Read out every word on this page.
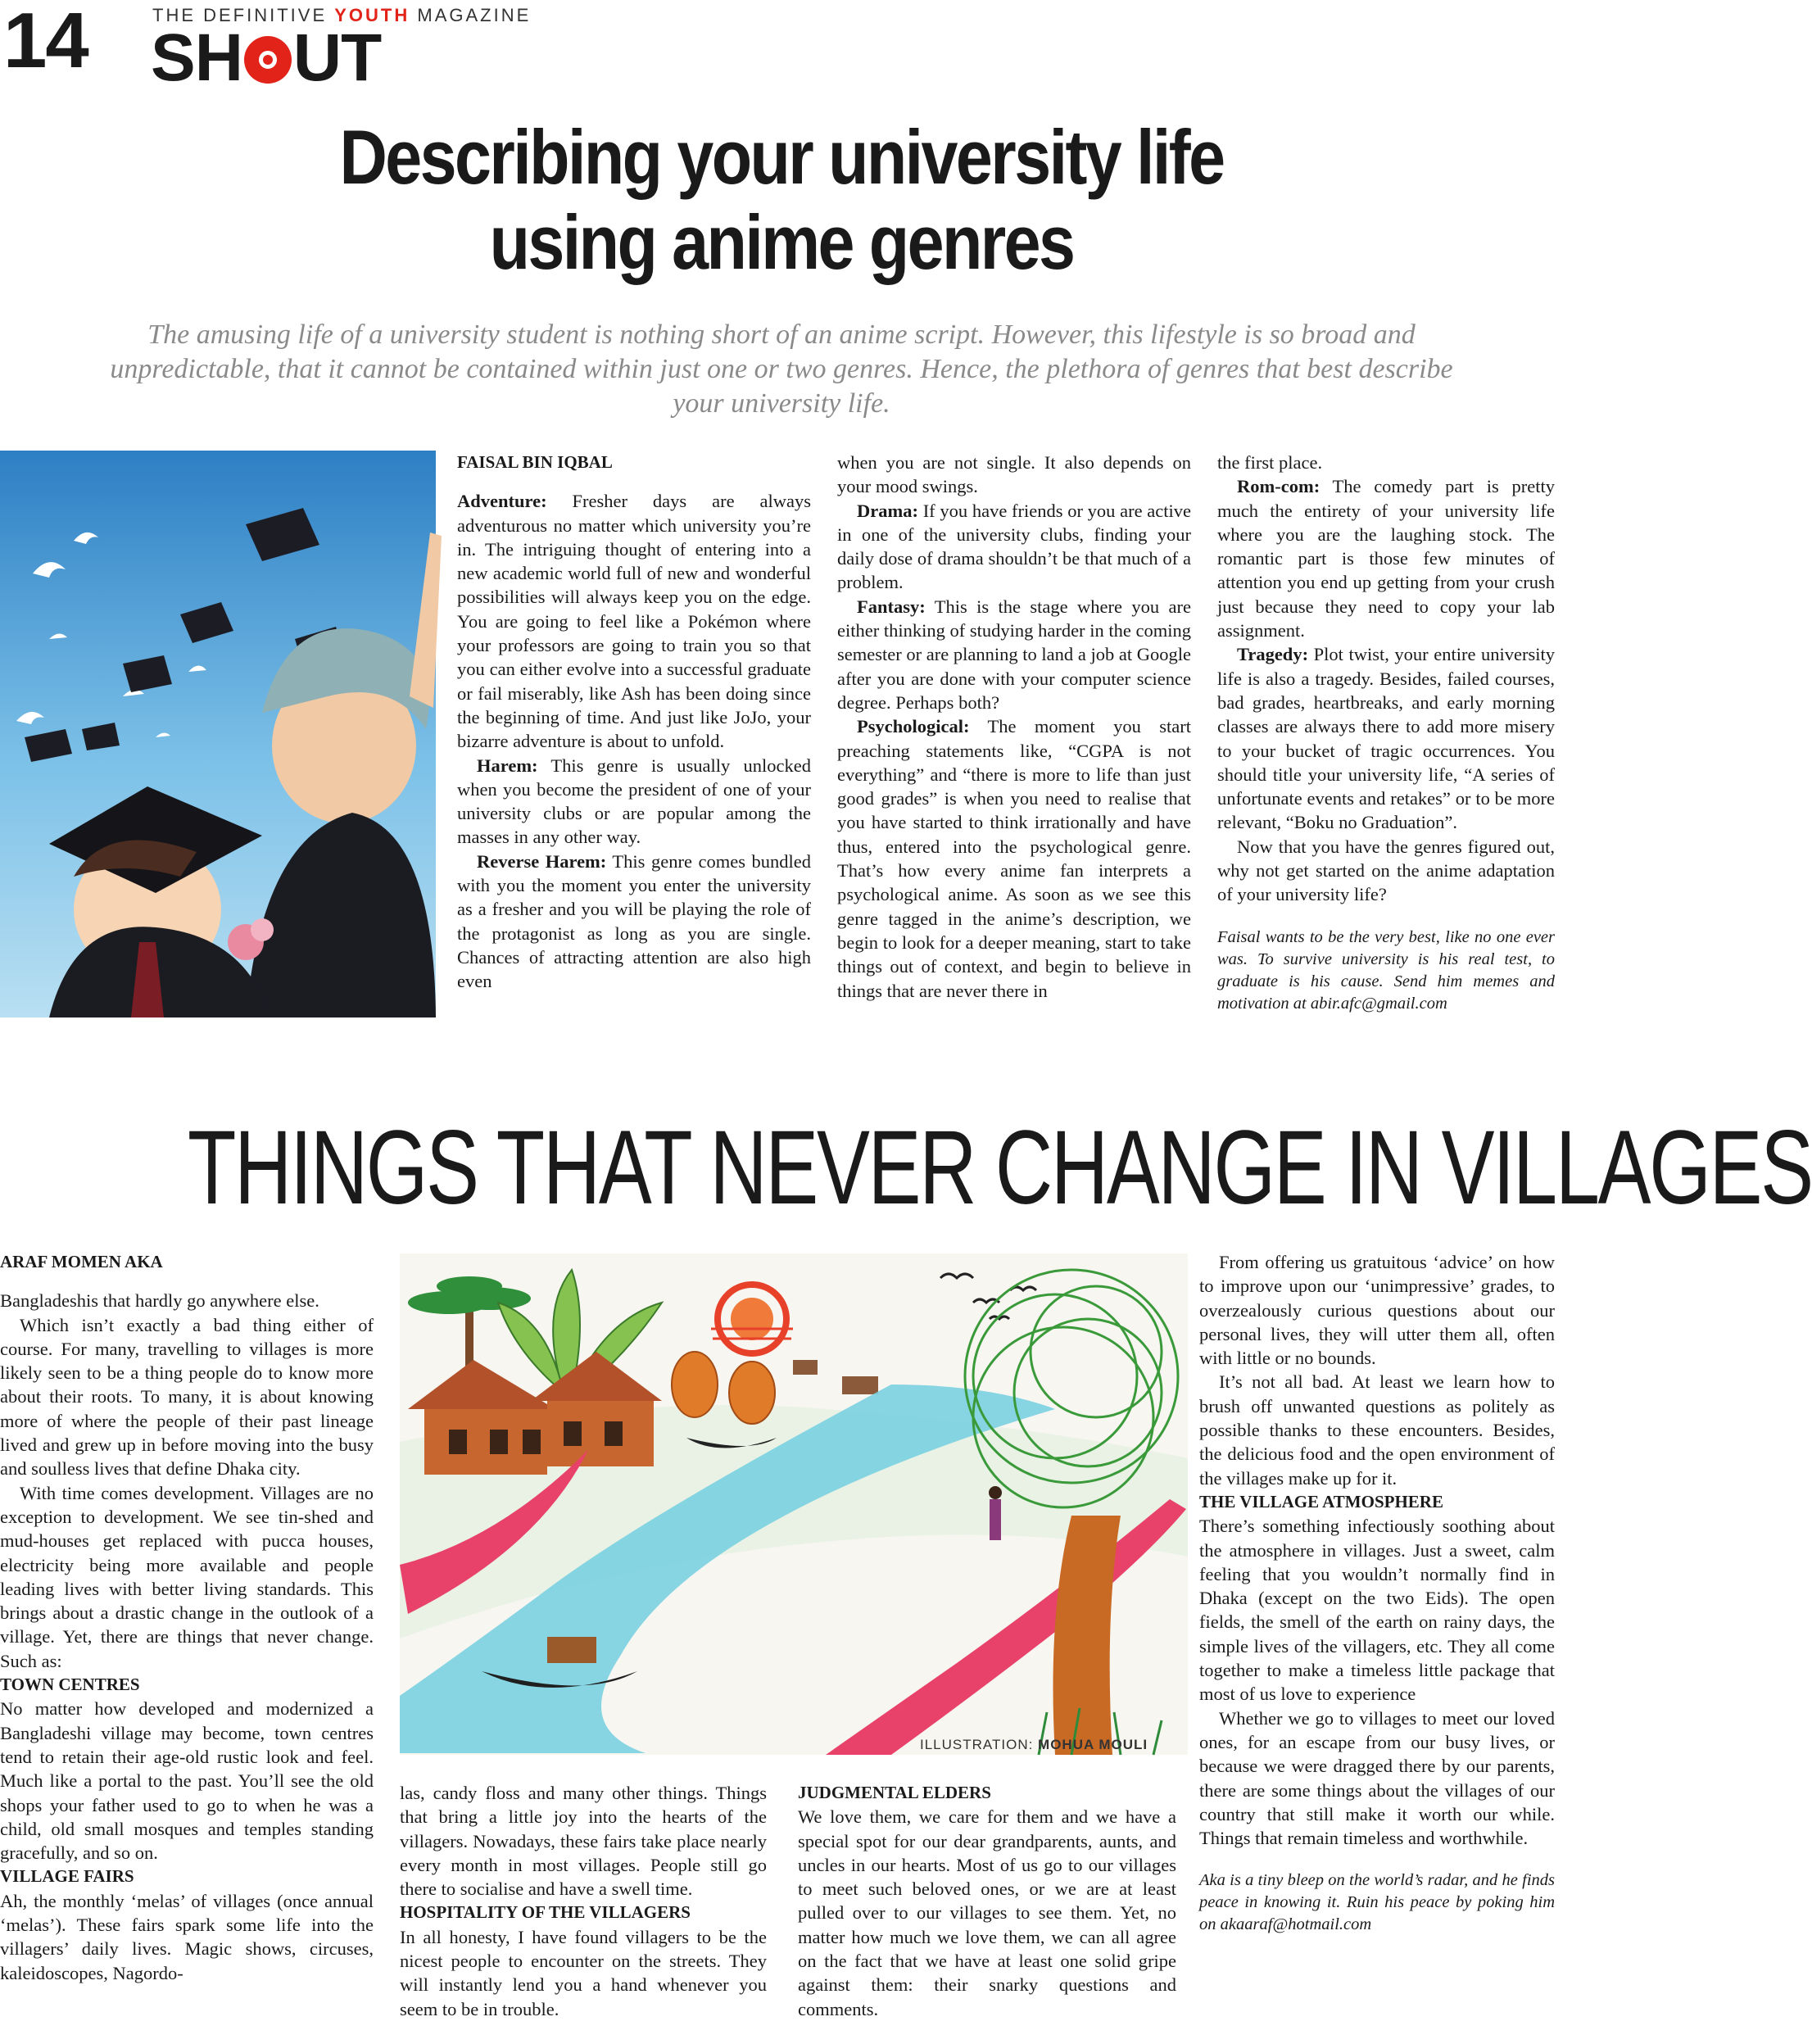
14	THE DEFINITIVE YOUTH MAGAZINE
SH UT
Describing your university life
using anime genres
The amusing life of a university student is nothing short of an anime script. However, this lifestyle is so broad and unpredictable, that it cannot be contained within just one or two genres. Hence, the plethora of genres that best describe your university life.

FAISAL BIN IQBAL

Adventure: Fresher days are always adventurous no matter which university you’re in. The intriguing thought of entering into a new academic world full of new and wonderful possibilities will always keep you on the edge. You are going to feel like a Pokémon where your professors are going to train you so that you can either evolve into a successful graduate or fail miserably, like Ash has been doing since the beginning of time. And just like JoJo, your bizarre adventure is about to unfold.

Harem: This genre is usually unlocked when you become the president of one of your university clubs or are popular among the masses in any other way.

Reverse Harem: This genre comes bundled with you the moment you enter the university as a fresher and you will be playing the role of the protagonist as long as you are single. Chances of attracting attention are also high even

when you are not single. It also depends on your mood swings.

Drama: If you have friends or you are active in one of the university clubs, finding your daily dose of drama shouldn’t be that much of a problem.

Fantasy: This is the stage where you are either thinking of studying harder in the coming semester or are planning to land a job at Google after you are done with your computer science degree. Perhaps both?

Psychological: The moment you start preaching statements like, “CGPA is not everything” and “there is more to life than just good grades” is when you need to realise that you have started to think irrationally and have thus, entered into the psychological genre. That’s how every anime fan interprets a psychological anime. As soon as we see this genre tagged in the anime’s description, we begin to look for a deeper meaning, start to take things out of context, and begin to believe in things that are never there in

the first place.

Rom-com: The comedy part is pretty much the entirety of your university life where you are the laughing stock. The romantic part is those few minutes of attention you end up getting from your crush just because they need to copy your lab assignment.

Tragedy: Plot twist, your entire university life is also a tragedy. Besides, failed courses, bad grades, heartbreaks, and early morning classes are always there to add more misery to your bucket of tragic occurrences. You should title your university life, “A series of unfortunate events and retakes” or to be more relevant, “Boku no Graduation”.

Now that you have the genres figured out, why not get started on the anime adaptation of your university life?

Faisal wants to be the very best, like no one ever was. To survive university is his real test, to graduate is his cause. Send him memes and motivation at abir.afc@gmail.com

THINGS THAT NEVER CHANGE IN VILLAGES

ARAF MOMEN AKA

Bangladeshis that hardly go anywhere else.

Which isn’t exactly a bad thing either of course. For many, travelling to villages is more likely seen to be a thing people do to know more about their roots. To many, it is about knowing more of where the people of their past lineage lived and grew up in before moving into the busy and soulless lives that define Dhaka city.

With time comes development. Villages are no exception to development. We see tin-shed and mud-houses get replaced with pucca houses, electricity being more available and people leading lives with better living standards. This brings about a drastic change in the outlook of a village. Yet, there are things that never change. Such as:

TOWN CENTRES

No matter how developed and modernized a Bangladeshi village may become, town centres tend to retain their age-old rustic look and feel. Much like a portal to the past. You’ll see the old shops your father used to go to when he was a child, old small mosques and temples standing gracefully, and so on.

VILLAGE FAIRS

Ah, the monthly ‘melas’ of villages (once annual ‘melas’). These fairs spark some life into the villagers’ daily lives. Magic shows, circuses, kaleidoscopes, Nagordo-

ILLUSTRATION: MOHUA MOULI

las, candy floss and many other things. Things that bring a little joy into the hearts of the villagers. Nowadays, these fairs take place nearly every month in most villages. People still go there to socialise and have a swell time.

HOSPITALITY OF THE VILLAGERS

In all honesty, I have found villagers to be the nicest people to encounter on the streets. They will instantly lend you a hand whenever you seem to be in trouble.

JUDGMENTAL ELDERS

We love them, we care for them and we have a special spot for our dear grandparents, aunts, and uncles in our hearts. Most of us go to our villages to meet such beloved ones, or we are at least pulled over to our villages to see them. Yet, no matter how much we love them, we can all agree on the fact that we have at least one solid gripe against them: their snarky questions and comments.

From offering us gratuitous ‘advice’ on how to improve upon our ‘unimpressive’ grades, to overzealously curious questions about our personal lives, they will utter them all, often with little or no bounds.

It’s not all bad. At least we learn how to brush off unwanted questions as politely as possible thanks to these encounters. Besides, the delicious food and the open environment of the villages make up for it.

THE VILLAGE ATMOSPHERE

There’s something infectiously soothing about the atmosphere in villages. Just a sweet, calm feeling that you wouldn’t normally find in Dhaka (except on the two Eids). The open fields, the smell of the earth on rainy days, the simple lives of the villagers, etc. They all come together to make a timeless little package that most of us love to experience

Whether we go to villages to meet our loved ones, for an escape from our busy lives, or because we were dragged there by our parents, there are some things about the villages of our country that still make it worth our while. Things that remain timeless and worthwhile.

Aka is a tiny bleep on the world’s radar, and he finds peace in knowing it. Ruin his peace by poking him on akaaraf@hotmail.com
